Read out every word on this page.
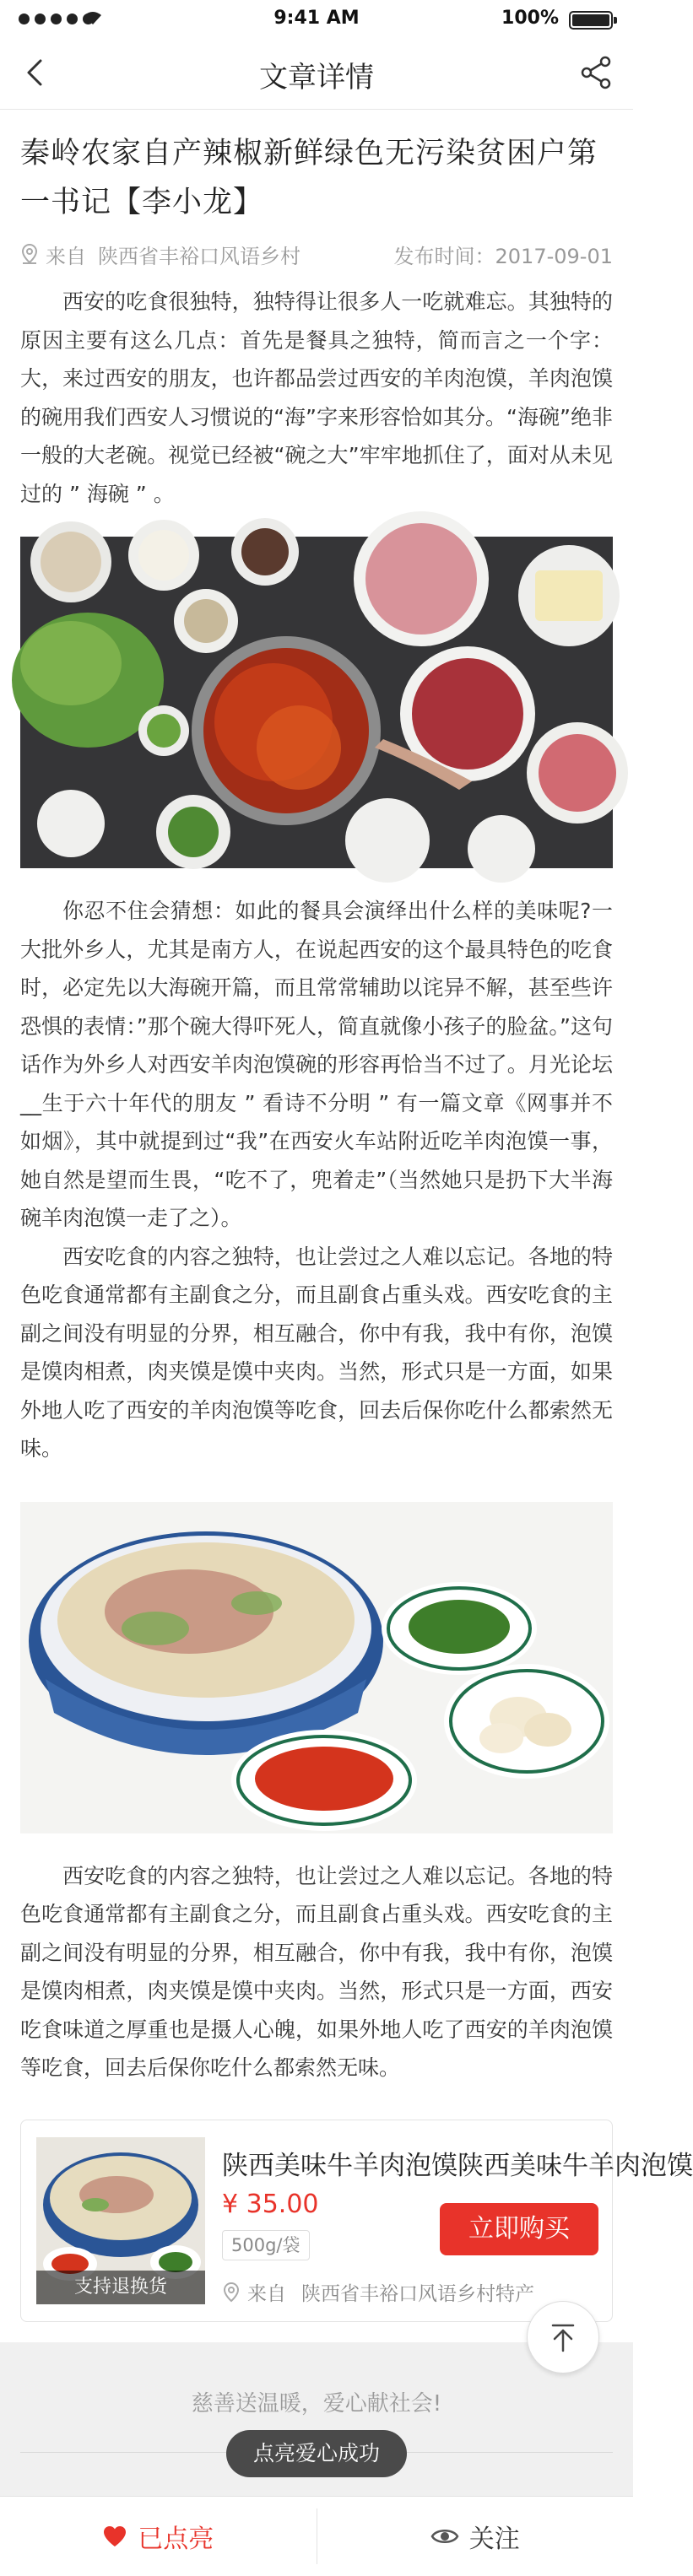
9:41 AM	100%
文章详情
秦岭农家自产辣椒新鲜绿色无污染贫困户第一书记【李小龙】
来自 陕西省丰裕口风语乡村	发布时间：2017-09-01

西安的吃食很独特，独特得让很多人一吃就难忘。其独特的原因主要有这么几点：首先是餐具之独特，简而言之一个字：大，来过西安的朋友，也许都品尝过西安的羊肉泡馍，羊肉泡馍的碗用我们西安人习惯说的“海”字来形容恰如其分。“海碗”绝非一般的大老碗。视觉已经被“碗之大”牢牢地抓住了，面对从未见过的 ” 海碗 ” 。

你忍不住会猜想：如此的餐具会演绎出什么样的美味呢?一大批外乡人，尤其是南方人，在说起西安的这个最具特色的吃食时，必定先以大海碗开篇，而且常常辅助以诧异不解，甚至些许恐惧的表情：”那个碗大得吓死人，简直就像小孩子的脸盆。”这句话作为外乡人对西安羊肉泡馍碗的形容再恰当不过了。月光论坛__生于六十年代的朋友 ” 看诗不分明 ” 有一篇文章《网事并不如烟》，其中就提到过“我”在西安火车站附近吃羊肉泡馍一事，她自然是望而生畏，“吃不了，兜着走”（当然她只是扔下大半海碗羊肉泡馍一走了之）。

西安吃食的内容之独特，也让尝过之人难以忘记。各地的特色吃食通常都有主副食之分，而且副食占重头戏。西安吃食的主副之间没有明显的分界，相互融合，你中有我，我中有你，泡馍是馍肉相煮，肉夹馍是馍中夹肉。当然，形式只是一方面，如果外地人吃了西安的羊肉泡馍等吃食，回去后保你吃什么都索然无味。

西安吃食的内容之独特，也让尝过之人难以忘记。各地的特色吃食通常都有主副食之分，而且副食占重头戏。西安吃食的主副之间没有明显的分界，相互融合，你中有我，我中有你，泡馍是馍肉相煮，肉夹馍是馍中夹肉。当然，形式只是一方面，西安吃食味道之厚重也是摄人心魄，如果外地人吃了西安的羊肉泡馍等吃食，回去后保你吃什么都索然无味。

支持退换货
陕西美味牛羊肉泡馍陕西美味牛羊肉泡馍
¥ 35.00
500g/袋
立即购买
来自 陕西省丰裕口风语乡村特产
慈善送温暖，爱心献社会!
点亮爱心成功
已点亮	关注
